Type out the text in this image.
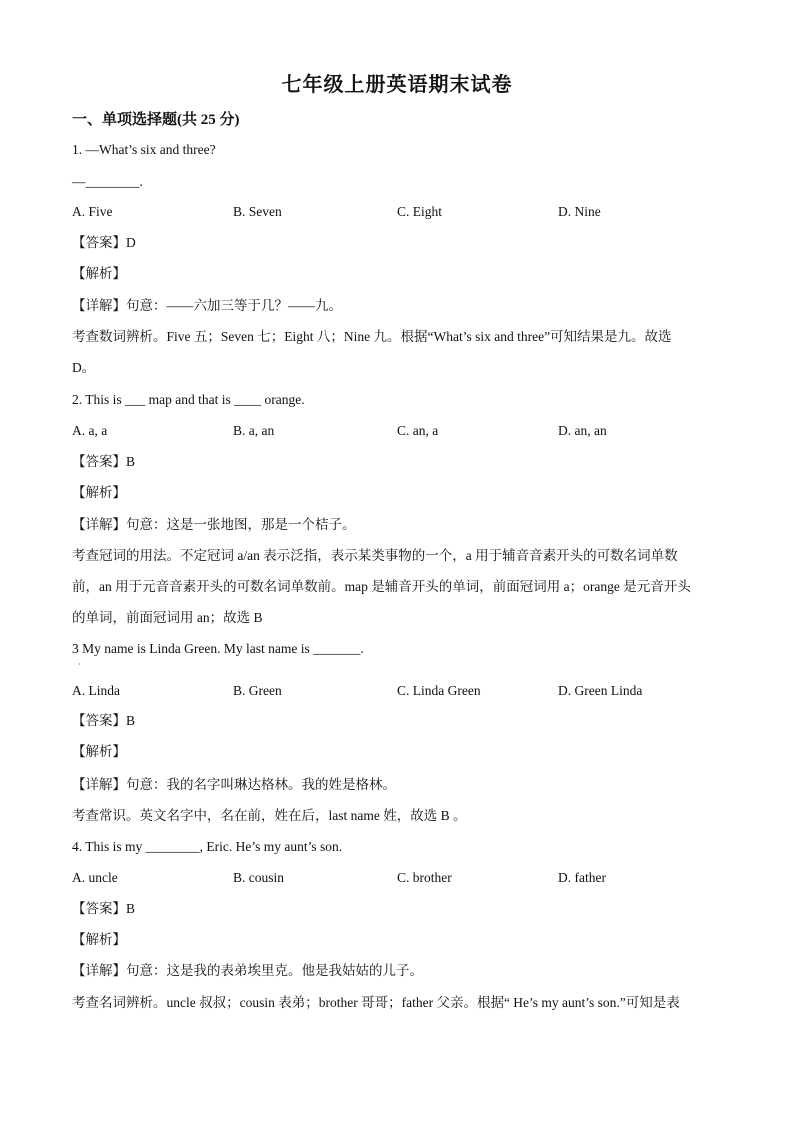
七年级上册英语期末试卷
一、单项选择题(共 25 分)
1. —What’s six and three?
—________.
A. Five	B. Seven	C. Eight	D. Nine
【答案】D
【解析】
【详解】句意：——六加三等于几？——九。
考查数词辨析。Five 五；Seven 七；Eight 八；Nine 九。根据“What’s six and three”可知结果是九。故选
D。
2. This is ___ map and that is ____ orange.
A. a, a	B. a, an	C. an, a	D. an, an
【答案】B
【解析】
【详解】句意：这是一张地图，那是一个桔子。
考查冠词的用法。不定冠词 a/an 表示泛指，表示某类事物的一个，a 用于辅音音素开头的可数名词单数
前，an 用于元音音素开头的可数名词单数前。map 是辅音开头的单词，前面冠词用 a；orange 是元音开头
的单词，前面冠词用 an；故选 B
3 My name is Linda Green. My last name is _______.
·
A. Linda	B. Green	C. Linda Green	D. Green Linda
【答案】B
【解析】
【详解】句意：我的名字叫琳达格林。我的姓是格林。
考查常识。英文名字中，名在前，姓在后，last name 姓，故选 B 。
4. This is my ________, Eric. He’s my aunt’s son.
A. uncle	B. cousin	C. brother	D. father
【答案】B
【解析】
【详解】句意：这是我的表弟埃里克。他是我姑姑的儿子。
考查名词辨析。uncle 叔叔；cousin 表弟；brother 哥哥；father 父亲。根据“ He’s my aunt’s son.”可知是表
